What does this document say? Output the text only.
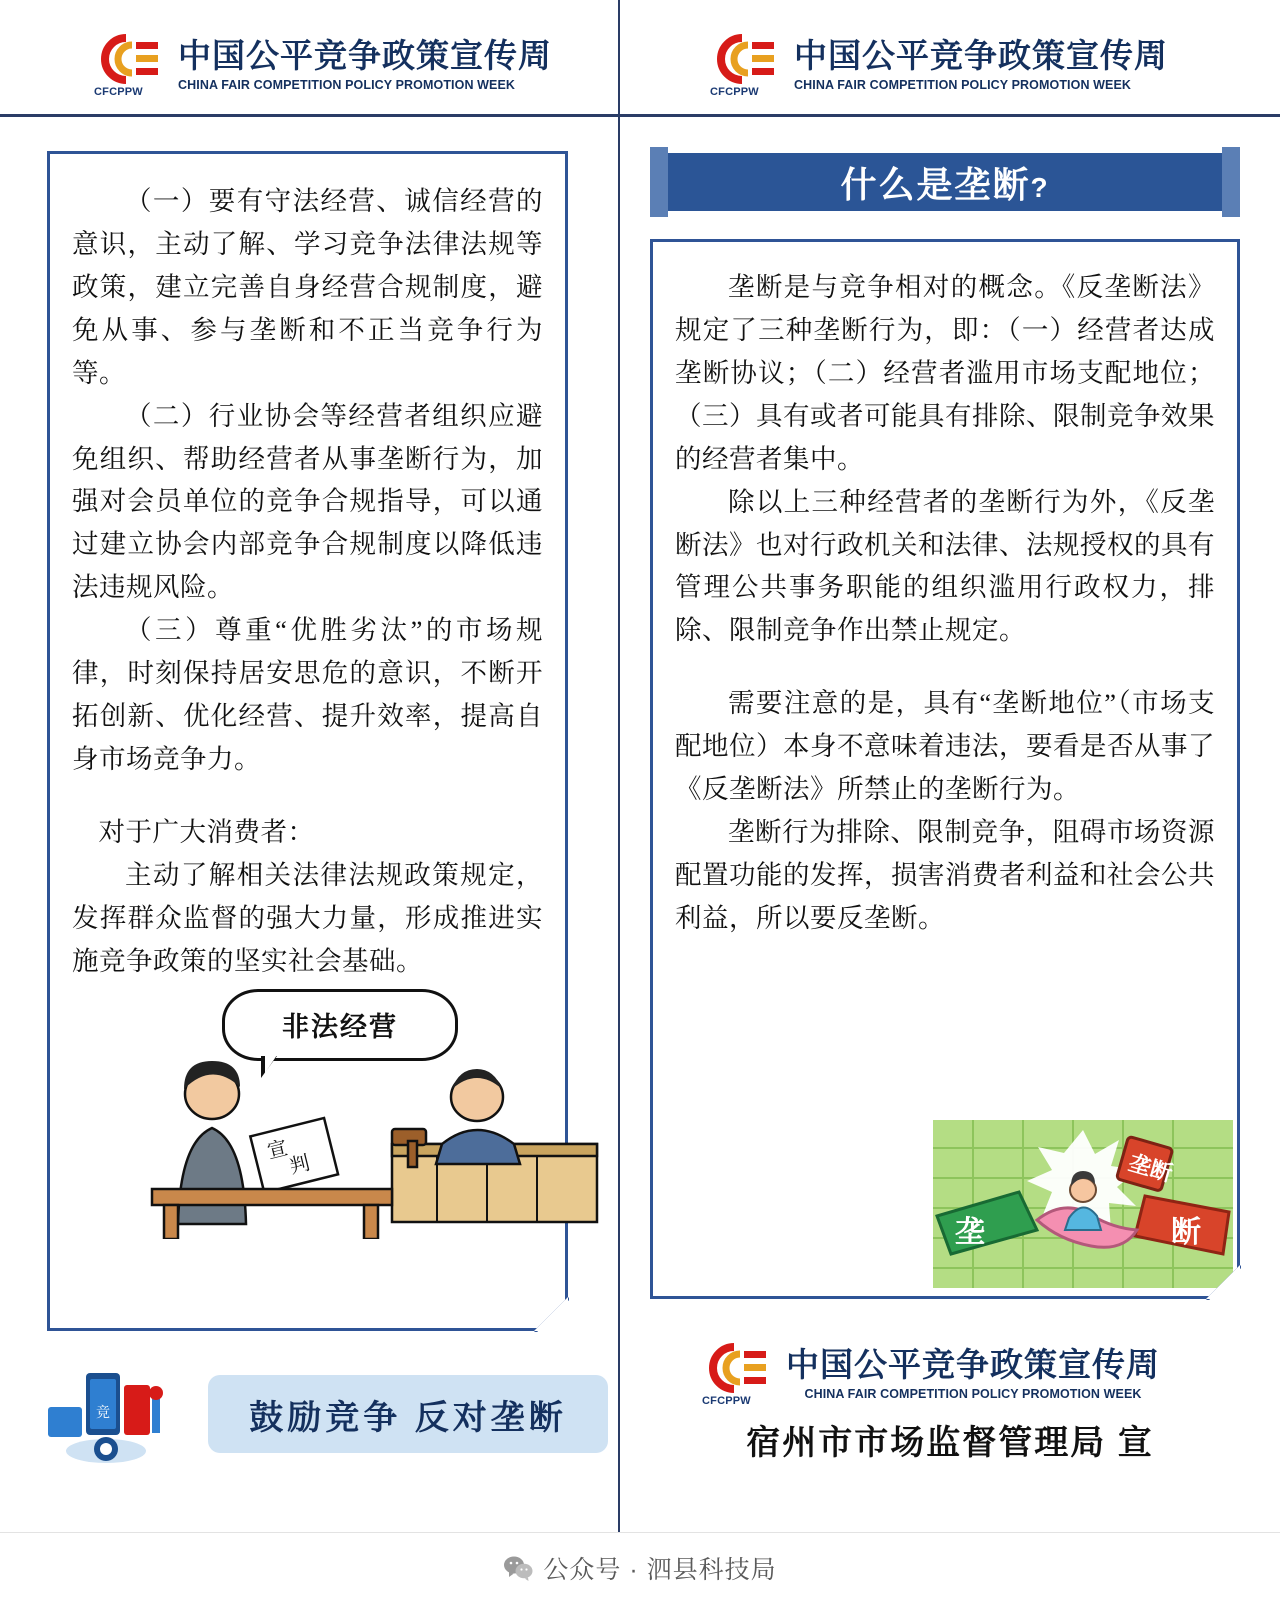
CFCPPW
中国公平竞争政策宣传周
CHINA FAIR COMPETITION POLICY PROMOTION WEEK

（一）要有守法经营、诚信经营的意识，主动了解、学习竞争法律法规等政策，建立完善自身经营合规制度，避免从事、参与垄断和不正当竞争行为等。

（二）行业协会等经营者组织应避免组织、帮助经营者从事垄断行为，加强对会员单位的竞争合规指导，可以通过建立协会内部竞争合规制度以降低违法违规风险。

（三）尊重“优胜劣汰”的市场规律，时刻保持居安思危的意识，不断开拓创新、优化经营、提升效率，提高自身市场竞争力。

对于广大消费者：

主动了解相关法律法规政策规定，发挥群众监督的强大力量，形成推进实施竞争政策的坚实社会基础。

非法经营
宣
判
竞	鼓励竞争 反对垄断
CFCPPW
中国公平竞争政策宣传周
CHINA FAIR COMPETITION POLICY PROMOTION WEEK
什么是垄断?

垄断是与竞争相对的概念。《反垄断法》规定了三种垄断行为，即：（一）经营者达成垄断协议；（二）经营者滥用市场支配地位；（三）具有或者可能具有排除、限制竞争效果的经营者集中。

除以上三种经营者的垄断行为外，《反垄断法》也对行政机关和法律、法规授权的具有管理公共事务职能的组织滥用行政权力，排除、限制竞争作出禁止规定。

需要注意的是，具有“垄断地位”（市场支配地位）本身不意味着违法，要看是否从事了《反垄断法》所禁止的垄断行为。

垄断行为排除、限制竞争，阻碍市场资源配置功能的发挥，损害消费者利益和社会公共利益，所以要反垄断。

垄	断
垄断
CFCPPW
中国公平竞争政策宣传周
CHINA FAIR COMPETITION POLICY PROMOTION WEEK
宿州市市场监督管理局 宣
公众号 · 泗县科技局
